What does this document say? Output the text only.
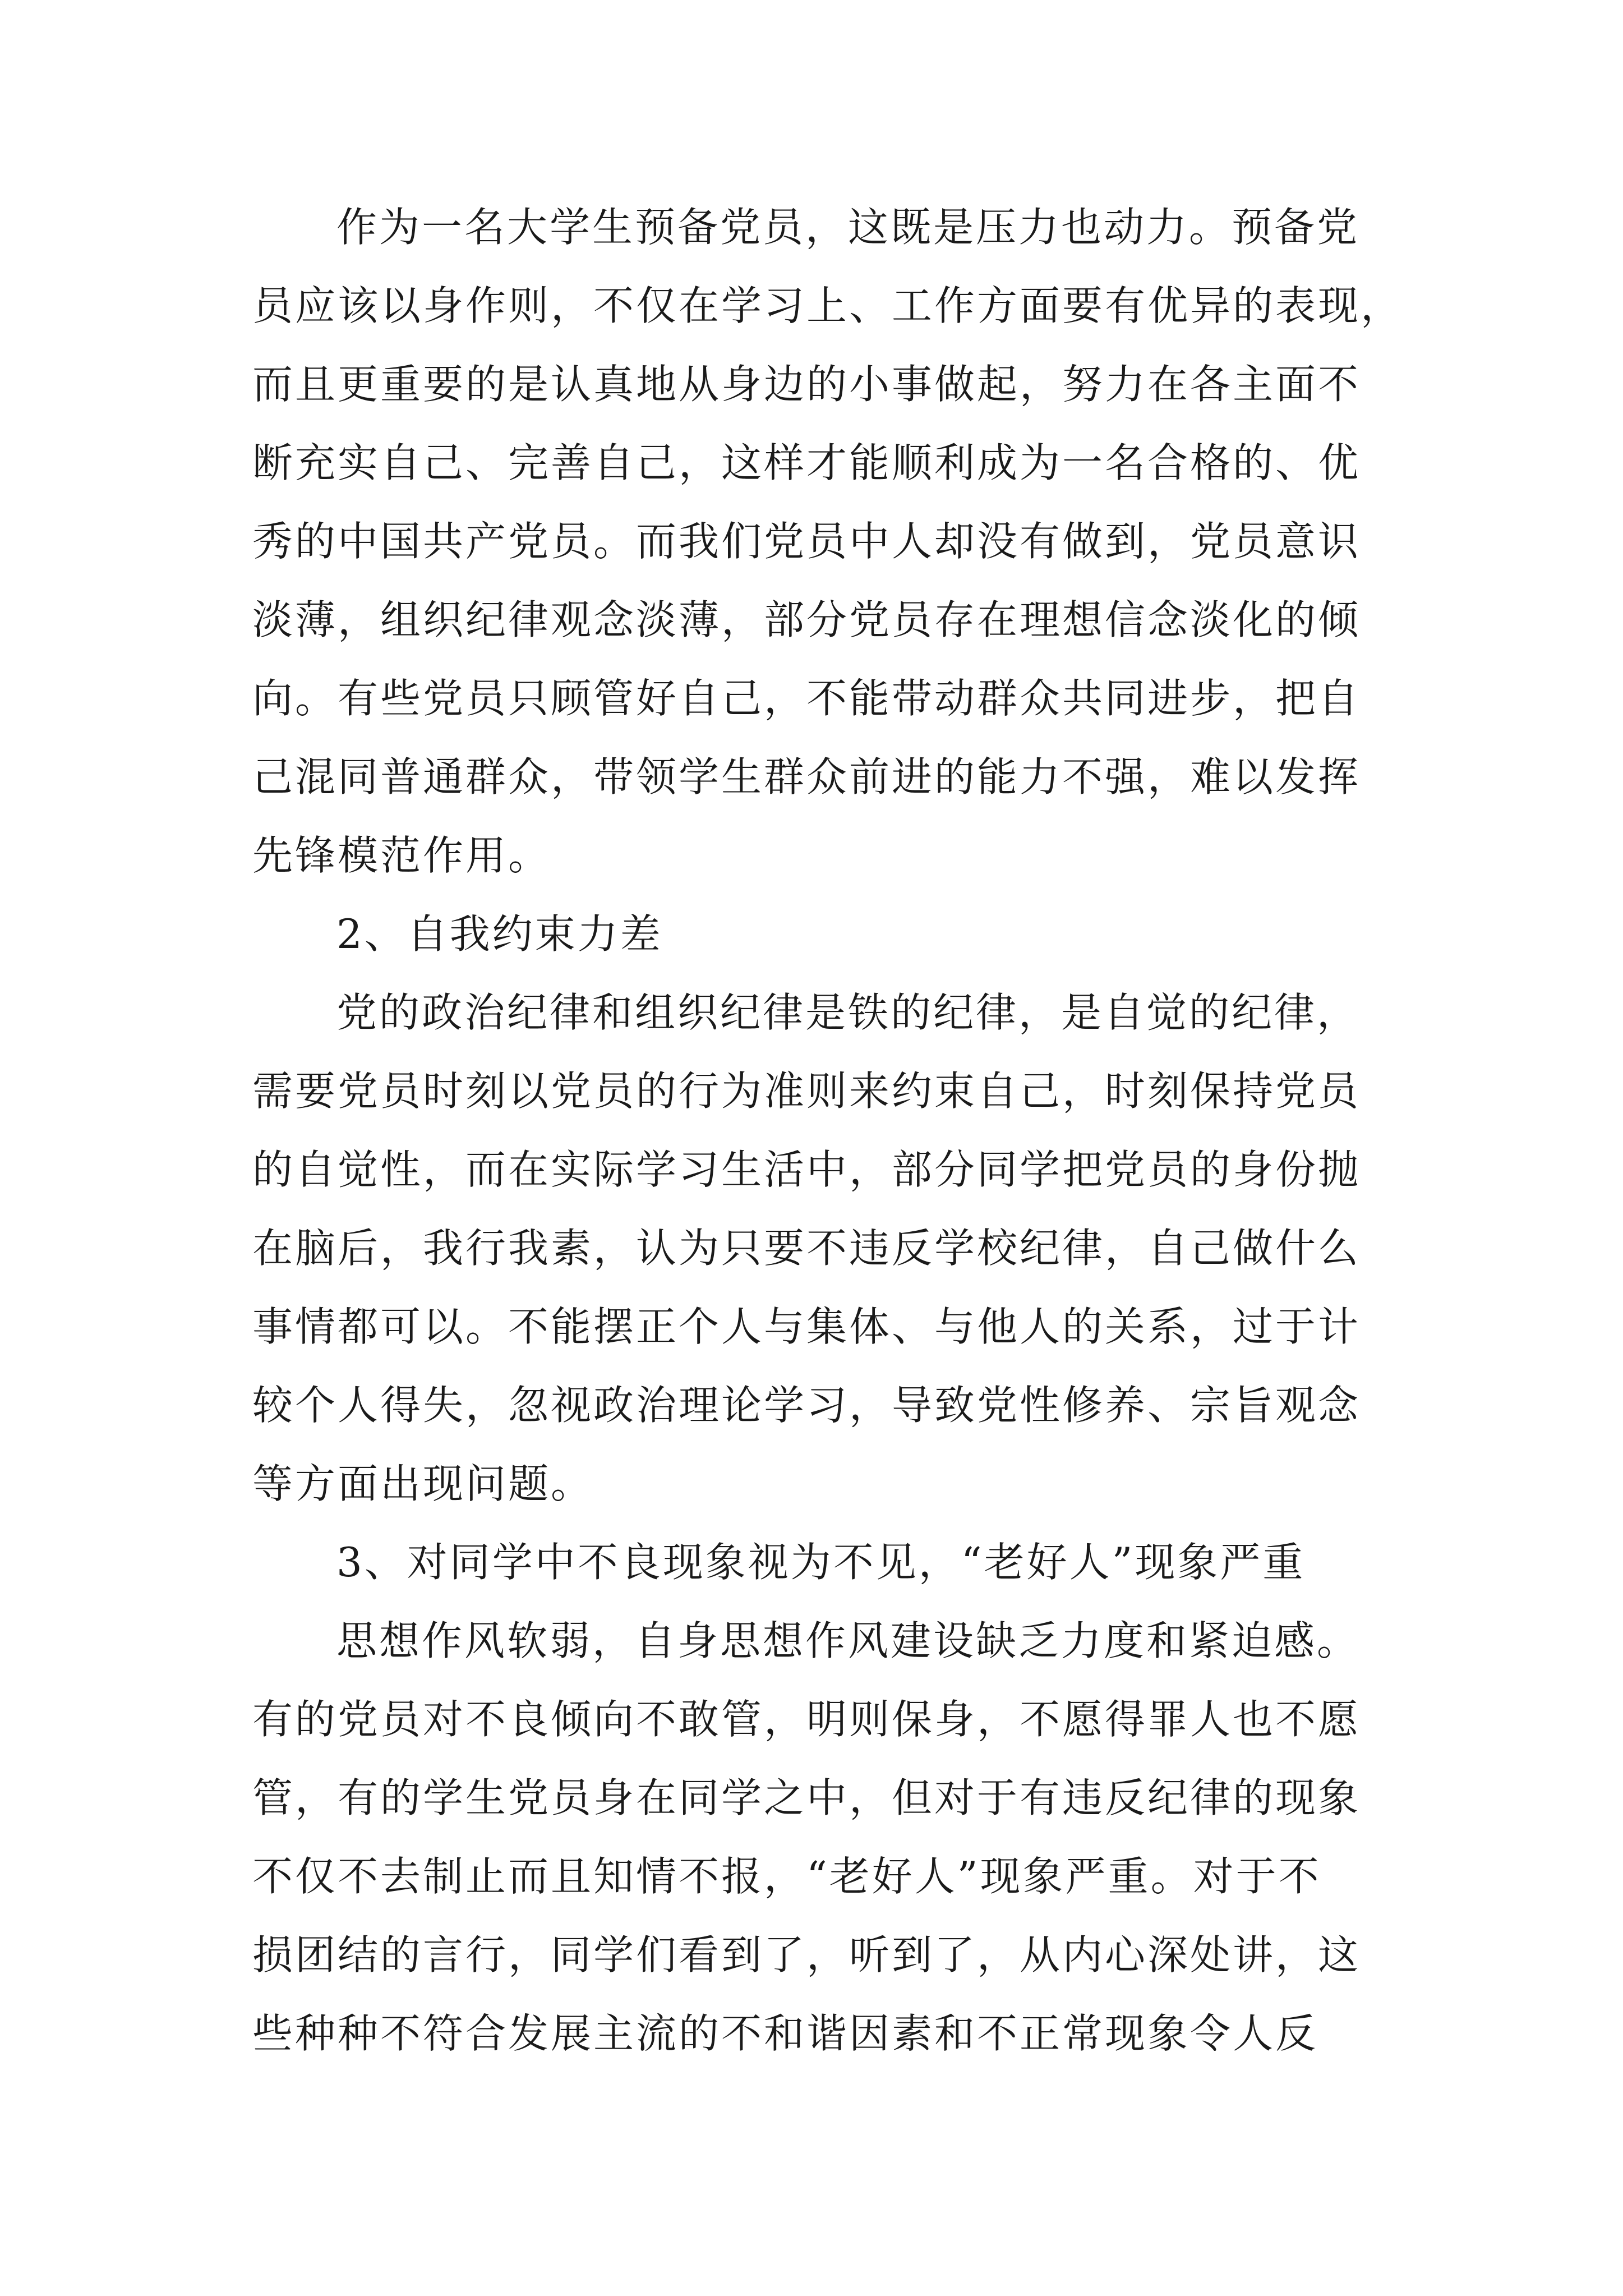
作为一名大学生预备党员，这既是压力也动力。预备党
员应该以身作则，不仅在学习上、工作方面要有优异的表现，
而且更重要的是认真地从身边的小事做起，努力在各主面不
断充实自己、完善自己，这样才能顺利成为一名合格的、优
秀的中国共产党员。而我们党员中人却没有做到，党员意识
淡薄，组织纪律观念淡薄，部分党员存在理想信念淡化的倾
向。有些党员只顾管好自己，不能带动群众共同进步，把自
己混同普通群众，带领学生群众前进的能力不强，难以发挥
先锋模范作用。
2、自我约束力差
党的政治纪律和组织纪律是铁的纪律，是自觉的纪律，
需要党员时刻以党员的行为准则来约束自己，时刻保持党员
的自觉性，而在实际学习生活中，部分同学把党员的身份抛
在脑后，我行我素，认为只要不违反学校纪律，自己做什么
事情都可以。不能摆正个人与集体、与他人的关系，过于计
较个人得失，忽视政治理论学习，导致党性修养、宗旨观念
等方面出现问题。
3、对同学中不良现象视为不见，“老好人”现象严重
思想作风软弱，自身思想作风建设缺乏力度和紧迫感。
有的党员对不良倾向不敢管，明则保身，不愿得罪人也不愿
管，有的学生党员身在同学之中，但对于有违反纪律的现象
不仅不去制止而且知情不报，“老好人”现象严重。对于不
损团结的言行，同学们看到了，听到了，从内心深处讲，这
些种种不符合发展主流的不和谐因素和不正常现象令人反
